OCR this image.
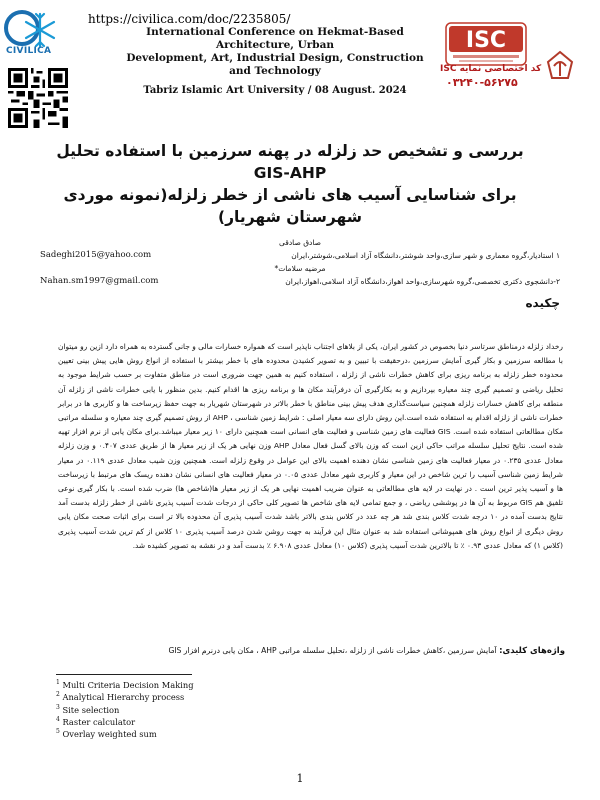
CIVILICA
https://civilica.com/doc/2235805/
International Conference on Hekmat-Based Architecture, Urban
Development, Art, Industrial Design, Construction and Technology
Tabriz Islamic Art University / 08 August. 2024
ISC
کد اختصاصی نمایه ISC
۰۳۲۴۰-۵۶۲۷۵
بررسی و تشخیص حد زلزله در پهنه سرزمین با استفاده تحلیل GIS-AHP
برای شناسایی آسیب های ناشی از خطر زلزله(نمونه موردی شهرستان شهریار)
صادق صادقی
۱ استادیار،گروه معماری و شهر سازی،واحد شوشتر،دانشگاه آزاد اسلامی،شوشتر،ایران
Sadeghi2015@yahoo.com
مرضیه سلامات*
۲-دانشجوی دکتری تخصصی،گروه شهرسازی،واحد اهواز،دانشگاه آزاد اسلامی،اهواز،ایران
Nahan.sm1997@gmail.com
چکیده
رخداد زلزله درمناطق سرتاسر دنیا بخصوص در کشور ایران، یکی از بلاهای اجتناب ناپذیر است که همواره خسارات مالی و جانی گسترده به همراه دارد ازین رو میتوان با مطالعه سرزمین و بکار گیری آمایش سرزمین ،درحقیقت با تبیین و به تصویر کشیدن محدوده های با خطر بیشتر با استفاده از انواع روش هایی پیش بینی تعیین محدوده خطر زلزله به برنامه ریزی برای کاهش خطرات ناشی از زلزله ، استفاده کنیم به همین جهت ضروری است در مناطق متفاوت بر حسب شرایط موجود به تحلیل ریاضی و تصمیم گیری چند معیاره بپردازیم و به بکارگیری آن درفرآیند مکان ها و برنامه ریزی ها اقدام کنیم. بدین منظور با یابی خطرات ناشی از زلزله آن منطقه برای کاهش خسارات زلزله همچنین سیاست‌گذاری هدف پیش بینی مناطق با خطر بالاتر در شهرستان شهریار به جهت حفظ زیرساخت ها و کاربری ها در برابر خطرات ناشی از زلزله اقدام به استفاده شده است.این روش دارای سه معیار اصلی : شرایط زمین شناسی ، AHP از روش تصمیم گیری چند معیاره و سلسله مراتبی مکان مطالعاتی استفاده شده است. GIS فعالیت های زمین شناسی و فعالیت های انسانی است همچنین دارای ۱۰ زیر معیار میباشد.برای مکان یابی از نرم افزار تهیه شده است. نتایج تحلیل سلسله مراتب حاکی ازین است که وزن بالای گسل فعال معادل AHP وزن نهایی هر یک از زیر معیار ها از طریق عددی ۰.۴۰۷ و وزن زلزله معادل عددی ۰.۲۳۵ در معیار فعالیت های زمین شناسی نشان دهنده اهمیت بالای این عوامل در وقوع زلزله است. همچنین وزن شیب معادل عددی ۰.۱۱۹ در معیار شرایط زمین شناسی آسیب را ترین شاخص در این معیار و کاربری شهر معادل عددی ۰.۰۵ در معیار فعالیت های انسانی نشان دهنده ریسک های مرتبط با زیرساخت ها و آسیب پذیر ترین است . در نهایت در لایه های مطالعاتی به عنوان ضریب اهمیت نهایی هر یک از زیر معیار ها(شاخص ها) ضرب شده است. با بکار گیری نوعی تلفیق هم GIS مربوط به آن ها در پوششی ریاضی ، و جمع تمامی لایه های شاخص ها تصویر کلی حاکی از درجات شدت آسیب پذیری ناشی از خطر زلزله بدست آمد نتایج بدست آمده در ۱۰ درجه شدت کلاس بندی شد هر چه عدد در کلاس بندی بالاتر باشد شدت آسیب پذیری آن محدوده بالا تر است برای اثبات صحت مکان یابی روش دیگری از انواع روش های همپوشانی استفاده شد به عنوان مثال این فرآیند به جهت روشن شدن درصد آسیب پذیری ۱۰ کلاس از کم ترین شدت آسیب پذیری (کلاس ۱) که معادل عددی ۰.۹۳ ٪ تا بالاترین شدت آسیب پذیری (کلاس ۱۰) معادل عددی ۶.۹۰۸ ٪ بدست آمد و در نقشه به تصویر کشیده شد.
واژه‌های کلیدی: آمایش سرزمین ،کاهش خطرات ناشی از زلزله ،تحلیل سلسله مراتبی AHP ، مکان یابی درنرم افزار GIS
$^1$ Multi Criteria Decision Making
$^2$ Analytical Hierarchy process
$^3$ Site selection
$^4$ Raster calculator
$^5$ Overlay weighted sum
1
